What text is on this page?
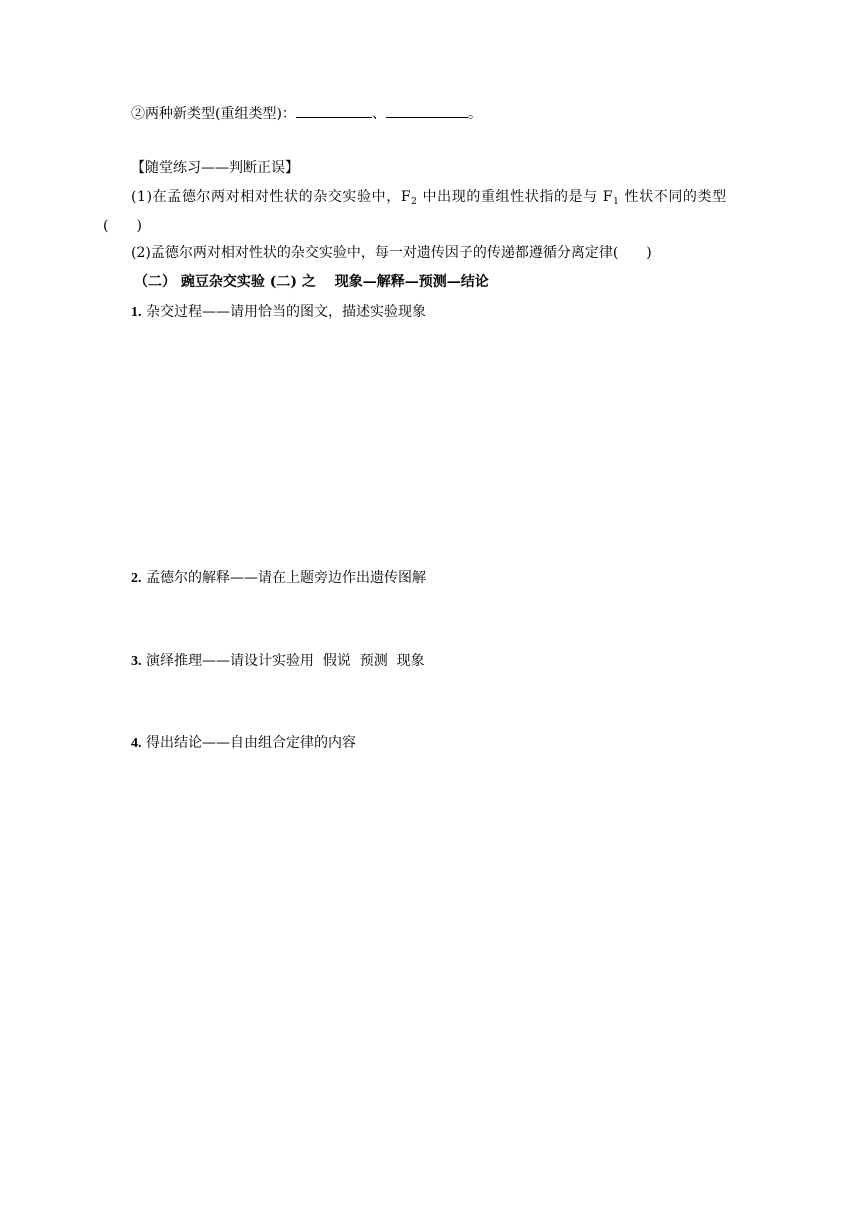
②两种新类型(重组类型)：	、	。
【随堂练习——判断正误】
(1)在孟德尔两对相对性状的杂交实验中，$F_2$ 中出现的重组性状指的是与 $F_1$ 性状不同的类型
(　　)
(2)孟德尔两对相对性状的杂交实验中，每一对遗传因子的传递都遵循分离定律(　　)
（二） 豌豆杂交实验 (二) 之　 现象—解释—预测—结论
1. 杂交过程——请用恰当的图文，描述实验现象
2. 孟德尔的解释——请在上题旁边作出遗传图解
3. 演绎推理——请设计实验用  假说  预测  现象
4. 得出结论——自由组合定律的内容
